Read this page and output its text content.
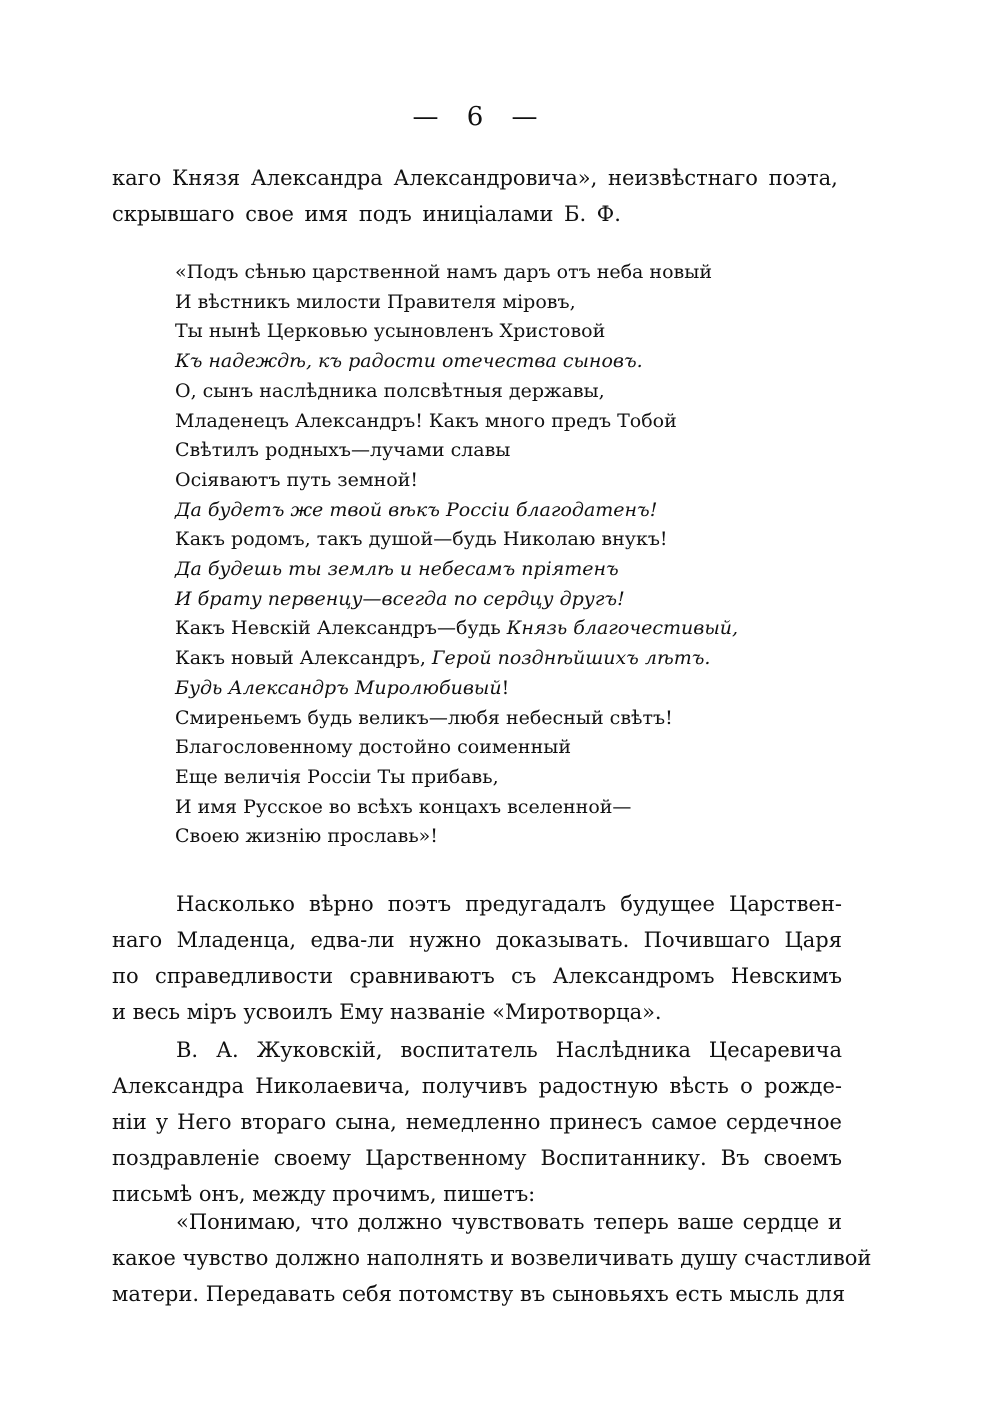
— 6 —
каго Князя Александра Александровича», неизвѣстнаго поэта,
скрывшаго свое имя подъ иниціалами Б. Ф.
«Подъ сѣнью царственной намъ даръ отъ неба новый
И вѣстникъ милости Правителя міровъ,
Ты нынѣ Церковью усыновленъ Христовой
Къ надеждѣ, къ радости отечества сыновъ.
О, сынъ наслѣдника полсвѣтныя державы,
Младенецъ Александръ! Какъ много предъ Тобой
Свѣтилъ родныхъ—лучами славы
Осіяваютъ путь земной!
Да будетъ же твой вѣкъ Россіи благодатенъ!
Какъ родомъ, такъ душой—будь Николаю внукъ!
Да будешь ты землѣ и небесамъ пріятенъ
И брату первенцу—всегда по сердцу другъ!
Какъ Невскій Александръ—будь Князь благочестивый,
Какъ новый Александръ, Герой позднѣйшихъ лѣтъ.
Будь Александръ Миролюбивый!
Смиреньемъ будь великъ—любя небесный свѣтъ!
Благословенному достойно соименный
Еще величія Россіи Ты прибавь,
И имя Русское во всѣхъ концахъ вселенной—
Своею жизнію прославь»!
Насколько вѣрно поэтъ предугадалъ будущее Царствен-
наго Младенца, едва-ли нужно доказывать. Почившаго Царя
по справедливости сравниваютъ съ Александромъ Невскимъ
и весь міръ усвоилъ Ему названіе «Миротворца».
В. А. Жуковскій, воспитатель Наслѣдника Цесаревича
Александра Николаевича, получивъ радостную вѣсть о рожде-
ніи у Него втораго сына, немедленно принесъ самое сердечное
поздравленіе своему Царственному Воспитаннику. Въ своемъ
письмѣ онъ, между прочимъ, пишетъ:
«Понимаю, что должно чувствовать теперь ваше сердце и
какое чувство должно наполнять и возвеличивать душу счастливой
матери. Передавать себя потомству въ сыновьяхъ есть мысль для
